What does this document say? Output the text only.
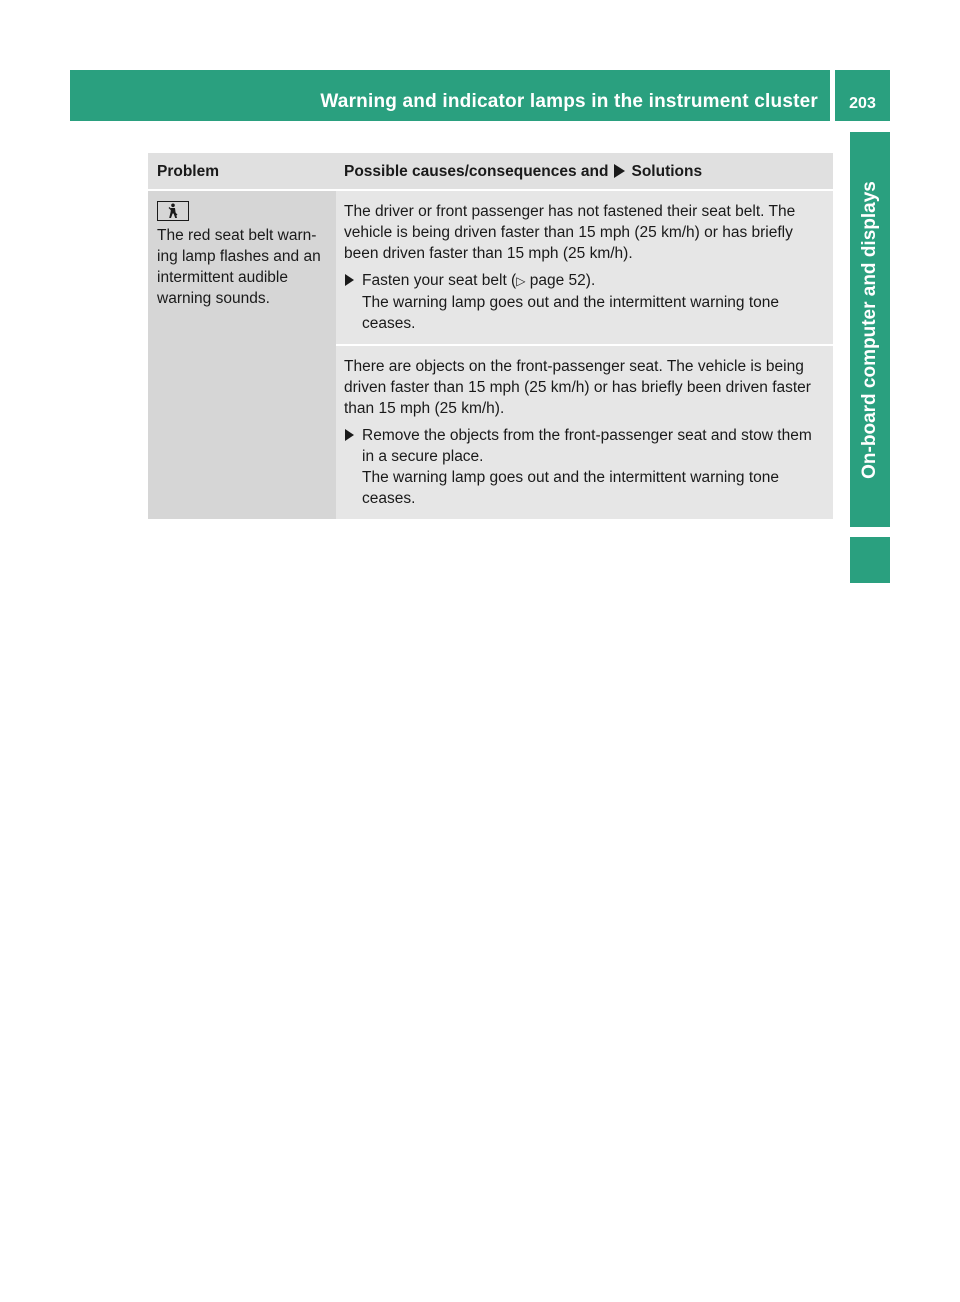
Warning and indicator lamps in the instrument cluster 203
On-board computer and displays
Problem	Possible causes/consequences and Solutions
The red seat belt warn-ing lamp flashes and an intermittent audible warning sounds.
The driver or front passenger has not fastened their seat belt. The vehicle is being driven faster than 15 mph (25 km/h) or has briefly been driven faster than 15 mph (25 km/h).
Fasten your seat belt (▷ page 52).
The warning lamp goes out and the intermittent warning tone ceases.
There are objects on the front-passenger seat. The vehicle is being driven faster than 15 mph (25 km/h) or has briefly been driven faster than 15 mph (25 km/h).
Remove the objects from the front-passenger seat and stow them in a secure place.
The warning lamp goes out and the intermittent warning tone ceases.
